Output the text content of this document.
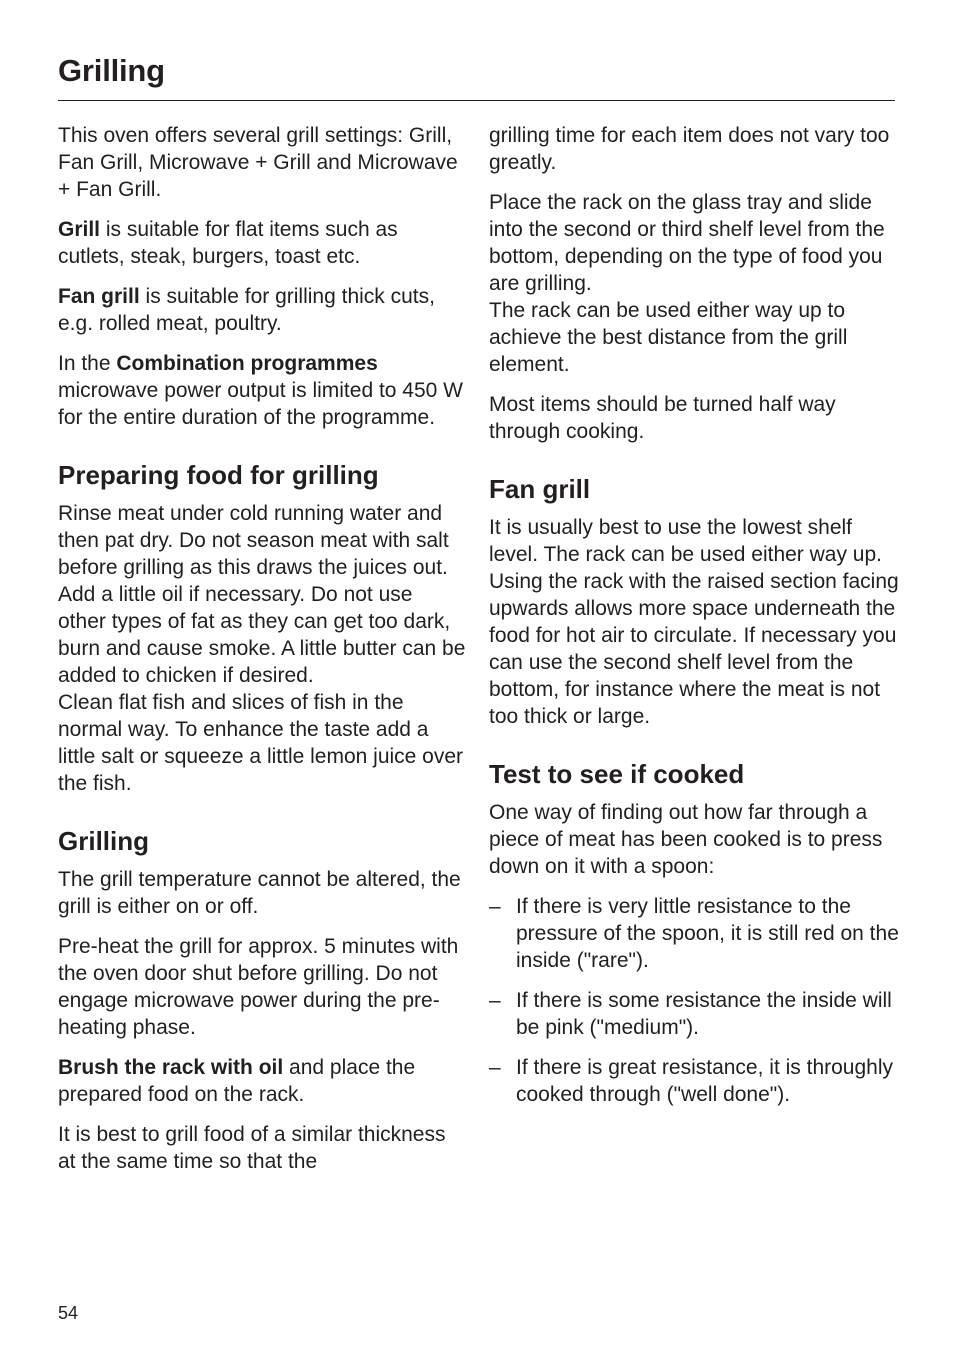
Grilling

This oven offers several grill settings: Grill, Fan Grill, Microwave + Grill and Microwave + Fan Grill.

Grill is suitable for flat items such as cutlets, steak, burgers, toast etc.

Fan grill is suitable for grilling thick cuts, e.g. rolled meat, poultry.

In the Combination programmes microwave power output is limited to 450 W for the entire duration of the programme.

Preparing food for grilling

Rinse meat under cold running water and then pat dry. Do not season meat with salt before grilling as this draws the juices out. Add a little oil if necessary. Do not use other types of fat as they can get too dark, burn and cause smoke. A little butter can be added to chicken if desired.
Clean flat fish and slices of fish in the normal way. To enhance the taste add a little salt or squeeze a little lemon juice over the fish.

Grilling

The grill temperature cannot be altered, the grill is either on or off.

Pre-heat the grill for approx. 5 minutes with the oven door shut before grilling. Do not engage microwave power during the pre-heating phase.

Brush the rack with oil and place the prepared food on the rack.

It is best to grill food of a similar thickness at the same time so that the

grilling time for each item does not vary too greatly.

Place the rack on the glass tray and slide into the second or third shelf level from the bottom, depending on the type of food you are grilling.
The rack can be used either way up to achieve the best distance from the grill element.

Most items should be turned half way through cooking.

Fan grill

It is usually best to use the lowest shelf level. The rack can be used either way up. Using the rack with the raised section facing upwards allows more space underneath the food for hot air to circulate. If necessary you can use the second shelf level from the bottom, for instance where the meat is not too thick or large.

Test to see if cooked

One way of finding out how far through a piece of meat has been cooked is to press down on it with a spoon:

– If there is very little resistance to the pressure of the spoon, it is still red on the inside ("rare").
– If there is some resistance the inside will be pink ("medium").
– If there is great resistance, it is throughly cooked through ("well done").
54
